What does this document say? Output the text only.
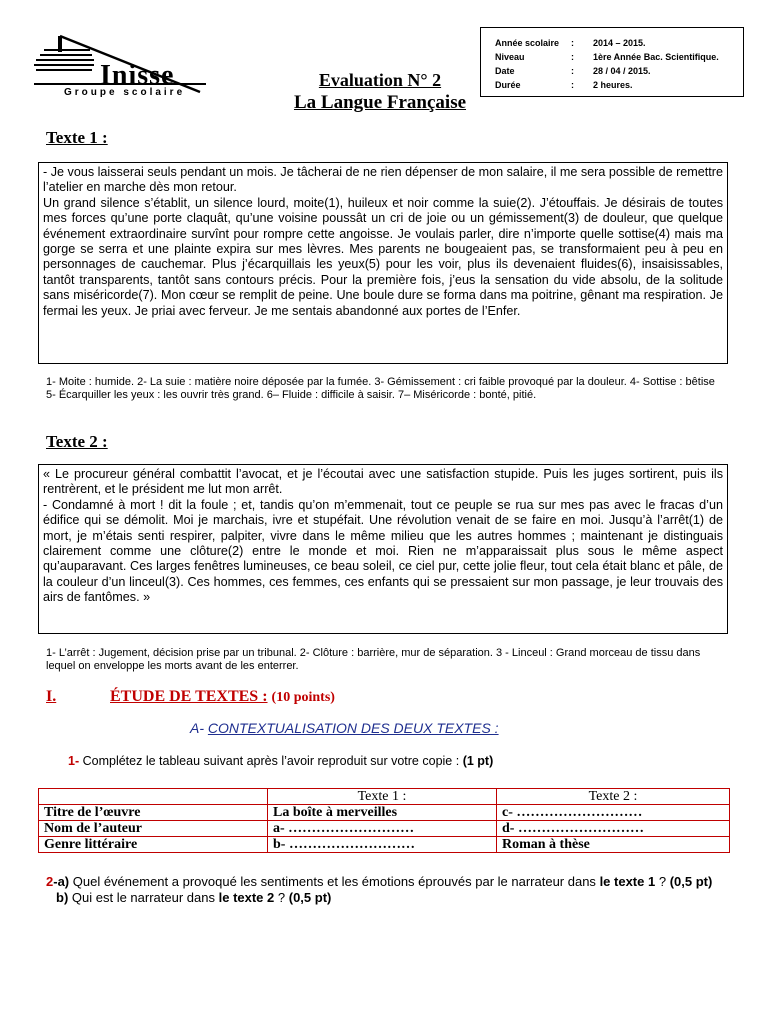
Inisse
Groupe scolaire
Evaluation N° 2
La Langue Française
Année scolaire	:	2014 – 2015.
Niveau	:	1ère Année Bac. Scientifique.
Date	:	28 / 04 / 2015.
Durée	:	2 heures.
Texte 1 :

- Je vous laisserai seuls pendant un mois. Je tâcherai de ne rien dépenser de mon salaire, il me sera possible de remettre l’atelier en marche dès mon retour.

Un grand silence s’établit, un silence lourd, moite(1), huileux et noir comme la suie(2). J’étouffais. Je désirais de toutes mes forces qu’une porte claquât, qu’une voisine poussât un cri de joie ou un gémissement(3) de douleur, que quelque événement extraordinaire survînt pour rompre cette angoisse. Je voulais parler, dire n’importe quelle sottise(4) mais ma gorge se serra et une plainte expira sur mes lèvres. Mes parents ne bougeaient pas, se transformaient peu à peu en personnages de cauchemar. Plus j’écarquillais les yeux(5) pour les voir, plus ils devenaient fluides(6), insaisissables, tantôt transparents, tantôt sans contours précis. Pour la première fois, j’eus la sensation du vide absolu, de la solitude sans miséricorde(7). Mon cœur se remplit de peine. Une boule dure se forma dans ma poitrine, gênant ma respiration. Je fermai les yeux. Je priai avec ferveur. Je me sentais abandonné aux portes de l’Enfer.

1- Moite : humide. 2- La suie : matière noire déposée par la fumée. 3- Gémissement : cri faible provoqué par la douleur. 4- Sottise : bêtise 5- Écarquiller les yeux : les ouvrir très grand. 6– Fluide : difficile à saisir. 7– Miséricorde : bonté, pitié.
Texte 2 :

« Le procureur général combattit l’avocat, et je l’écoutai avec une satisfaction stupide. Puis les juges sortirent, puis ils rentrèrent, et le président me lut mon arrêt.

- Condamné à mort ! dit la foule ; et, tandis qu’on m’emmenait, tout ce peuple se rua sur mes pas avec le fracas d’un édifice qui se démolit. Moi je marchais, ivre et stupéfait. Une révolution venait de se faire en moi. Jusqu’à l’arrêt(1) de mort, je m’étais senti respirer, palpiter, vivre dans le même milieu que les autres hommes ; maintenant je distinguais clairement comme une clôture(2) entre le monde et moi. Rien ne m’apparaissait plus sous le même aspect qu’auparavant. Ces larges fenêtres lumineuses, ce beau soleil, ce ciel pur, cette jolie fleur, tout cela était blanc et pâle, de la couleur d’un linceul(3). Ces hommes, ces femmes, ces enfants qui se pressaient sur mon passage, je leur trouvais des airs de fantômes. »

1- L’arrêt : Jugement, décision prise par un tribunal. 2- Clôture : barrière, mur de séparation. 3 - Linceul : Grand morceau de tissu dans lequel on enveloppe les morts avant de les enterrer.
I.	ÉTUDE DE TEXTES : (10 points)
A- CONTEXTUALISATION DES DEUX TEXTES :
1- Complétez le tableau suivant après l’avoir reproduit sur votre copie : (1 pt)
	Texte 1 :	Texte 2 :
Titre de l’œuvre	La boîte à merveilles	c- ………………………
Nom de l’auteur	a- ………………………	d- ………………………
Genre littéraire	b- ………………………	Roman à thèse
2-a) Quel événement a provoqué les sentiments et les émotions éprouvés par le narrateur dans le texte 1 ? (0,5 pt)
b) Qui est le narrateur dans le texte 2 ? (0,5 pt)
